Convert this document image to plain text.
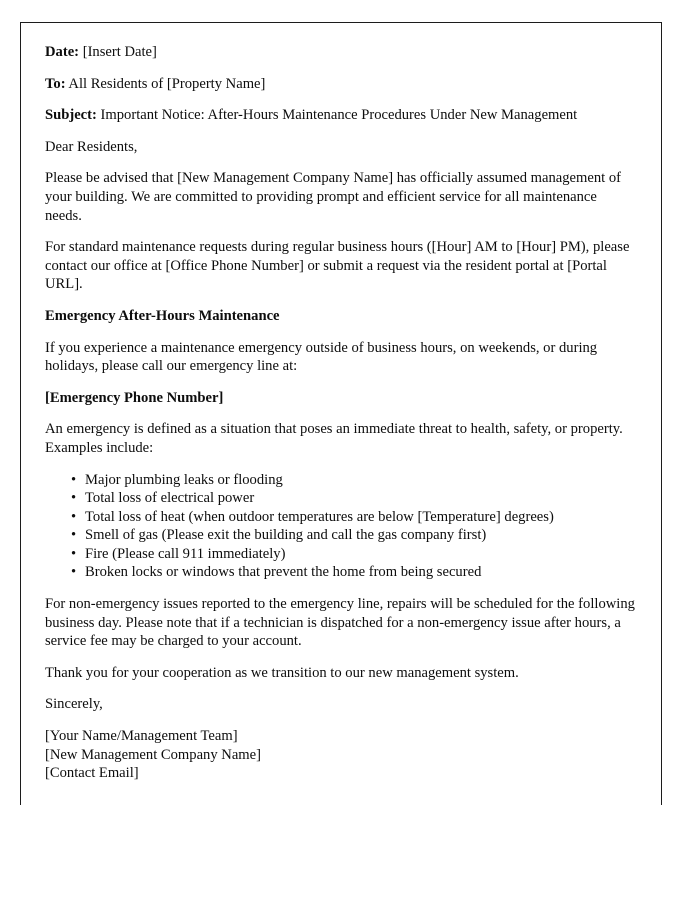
Date: [Insert Date]

To: All Residents of [Property Name]

Subject: Important Notice: After-Hours Maintenance Procedures Under New Management

Dear Residents,

Please be advised that [New Management Company Name] has officially assumed management of your building. We are committed to providing prompt and efficient service for all maintenance needs.

For standard maintenance requests during regular business hours ([Hour] AM to [Hour] PM), please contact our office at [Office Phone Number] or submit a request via the resident portal at [Portal URL].

Emergency After-Hours Maintenance

If you experience a maintenance emergency outside of business hours, on weekends, or during holidays, please call our emergency line at:

[Emergency Phone Number]

An emergency is defined as a situation that poses an immediate threat to health, safety, or property. Examples include:

• Major plumbing leaks or flooding
• Total loss of electrical power
• Total loss of heat (when outdoor temperatures are below [Temperature] degrees)
• Smell of gas (Please exit the building and call the gas company first)
• Fire (Please call 911 immediately)
• Broken locks or windows that prevent the home from being secured

For non-emergency issues reported to the emergency line, repairs will be scheduled for the following business day. Please note that if a technician is dispatched for a non-emergency issue after hours, a service fee may be charged to your account.

Thank you for your cooperation as we transition to our new management system.

Sincerely,

[Your Name/Management Team]
[New Management Company Name]
[Contact Email]
